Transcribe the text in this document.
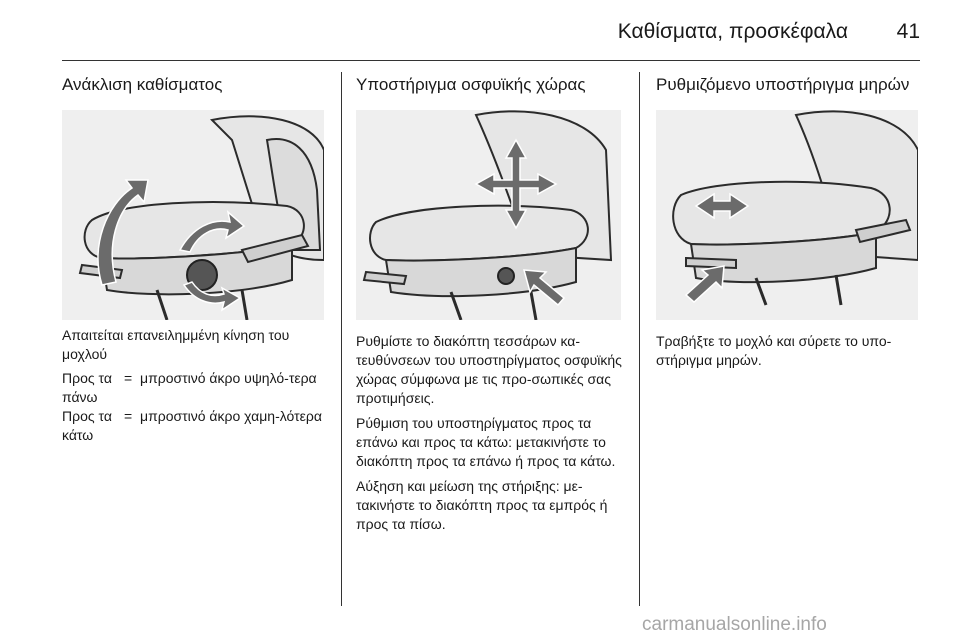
Καθίσματα, προσκέφαλα 41
Ανάκλιση καθίσματος

Απαιτείται επανειλημμένη κίνηση του μοχλού

Προς τα πάνω
= μπροστινό άκρο υψηλό-τερα
Προς τα κάτω
= μπροστινό άκρο χαμη-λότερα
Υποστήριγμα οσφυϊκής χώρας

Ρυθμίστε το διακόπτη τεσσάρων κα-τευθύνσεων του υποστηρίγματος οσφυϊκής χώρας σύμφωνα με τις προ-σωπικές σας προτιμήσεις.

Ρύθμιση του υποστηρίγματος προς τα επάνω και προς τα κάτω: μετακινήστε το διακόπτη προς τα επάνω ή προς τα κάτω.

Αύξηση και μείωση της στήριξης: με-τακινήστε το διακόπτη προς τα εμπρός ή προς τα πίσω.

Ρυθμιζόμενο υποστήριγμα μηρών

Τραβήξτε το μοχλό και σύρετε το υπο-στήριγμα μηρών.

carmanualsonline.info
